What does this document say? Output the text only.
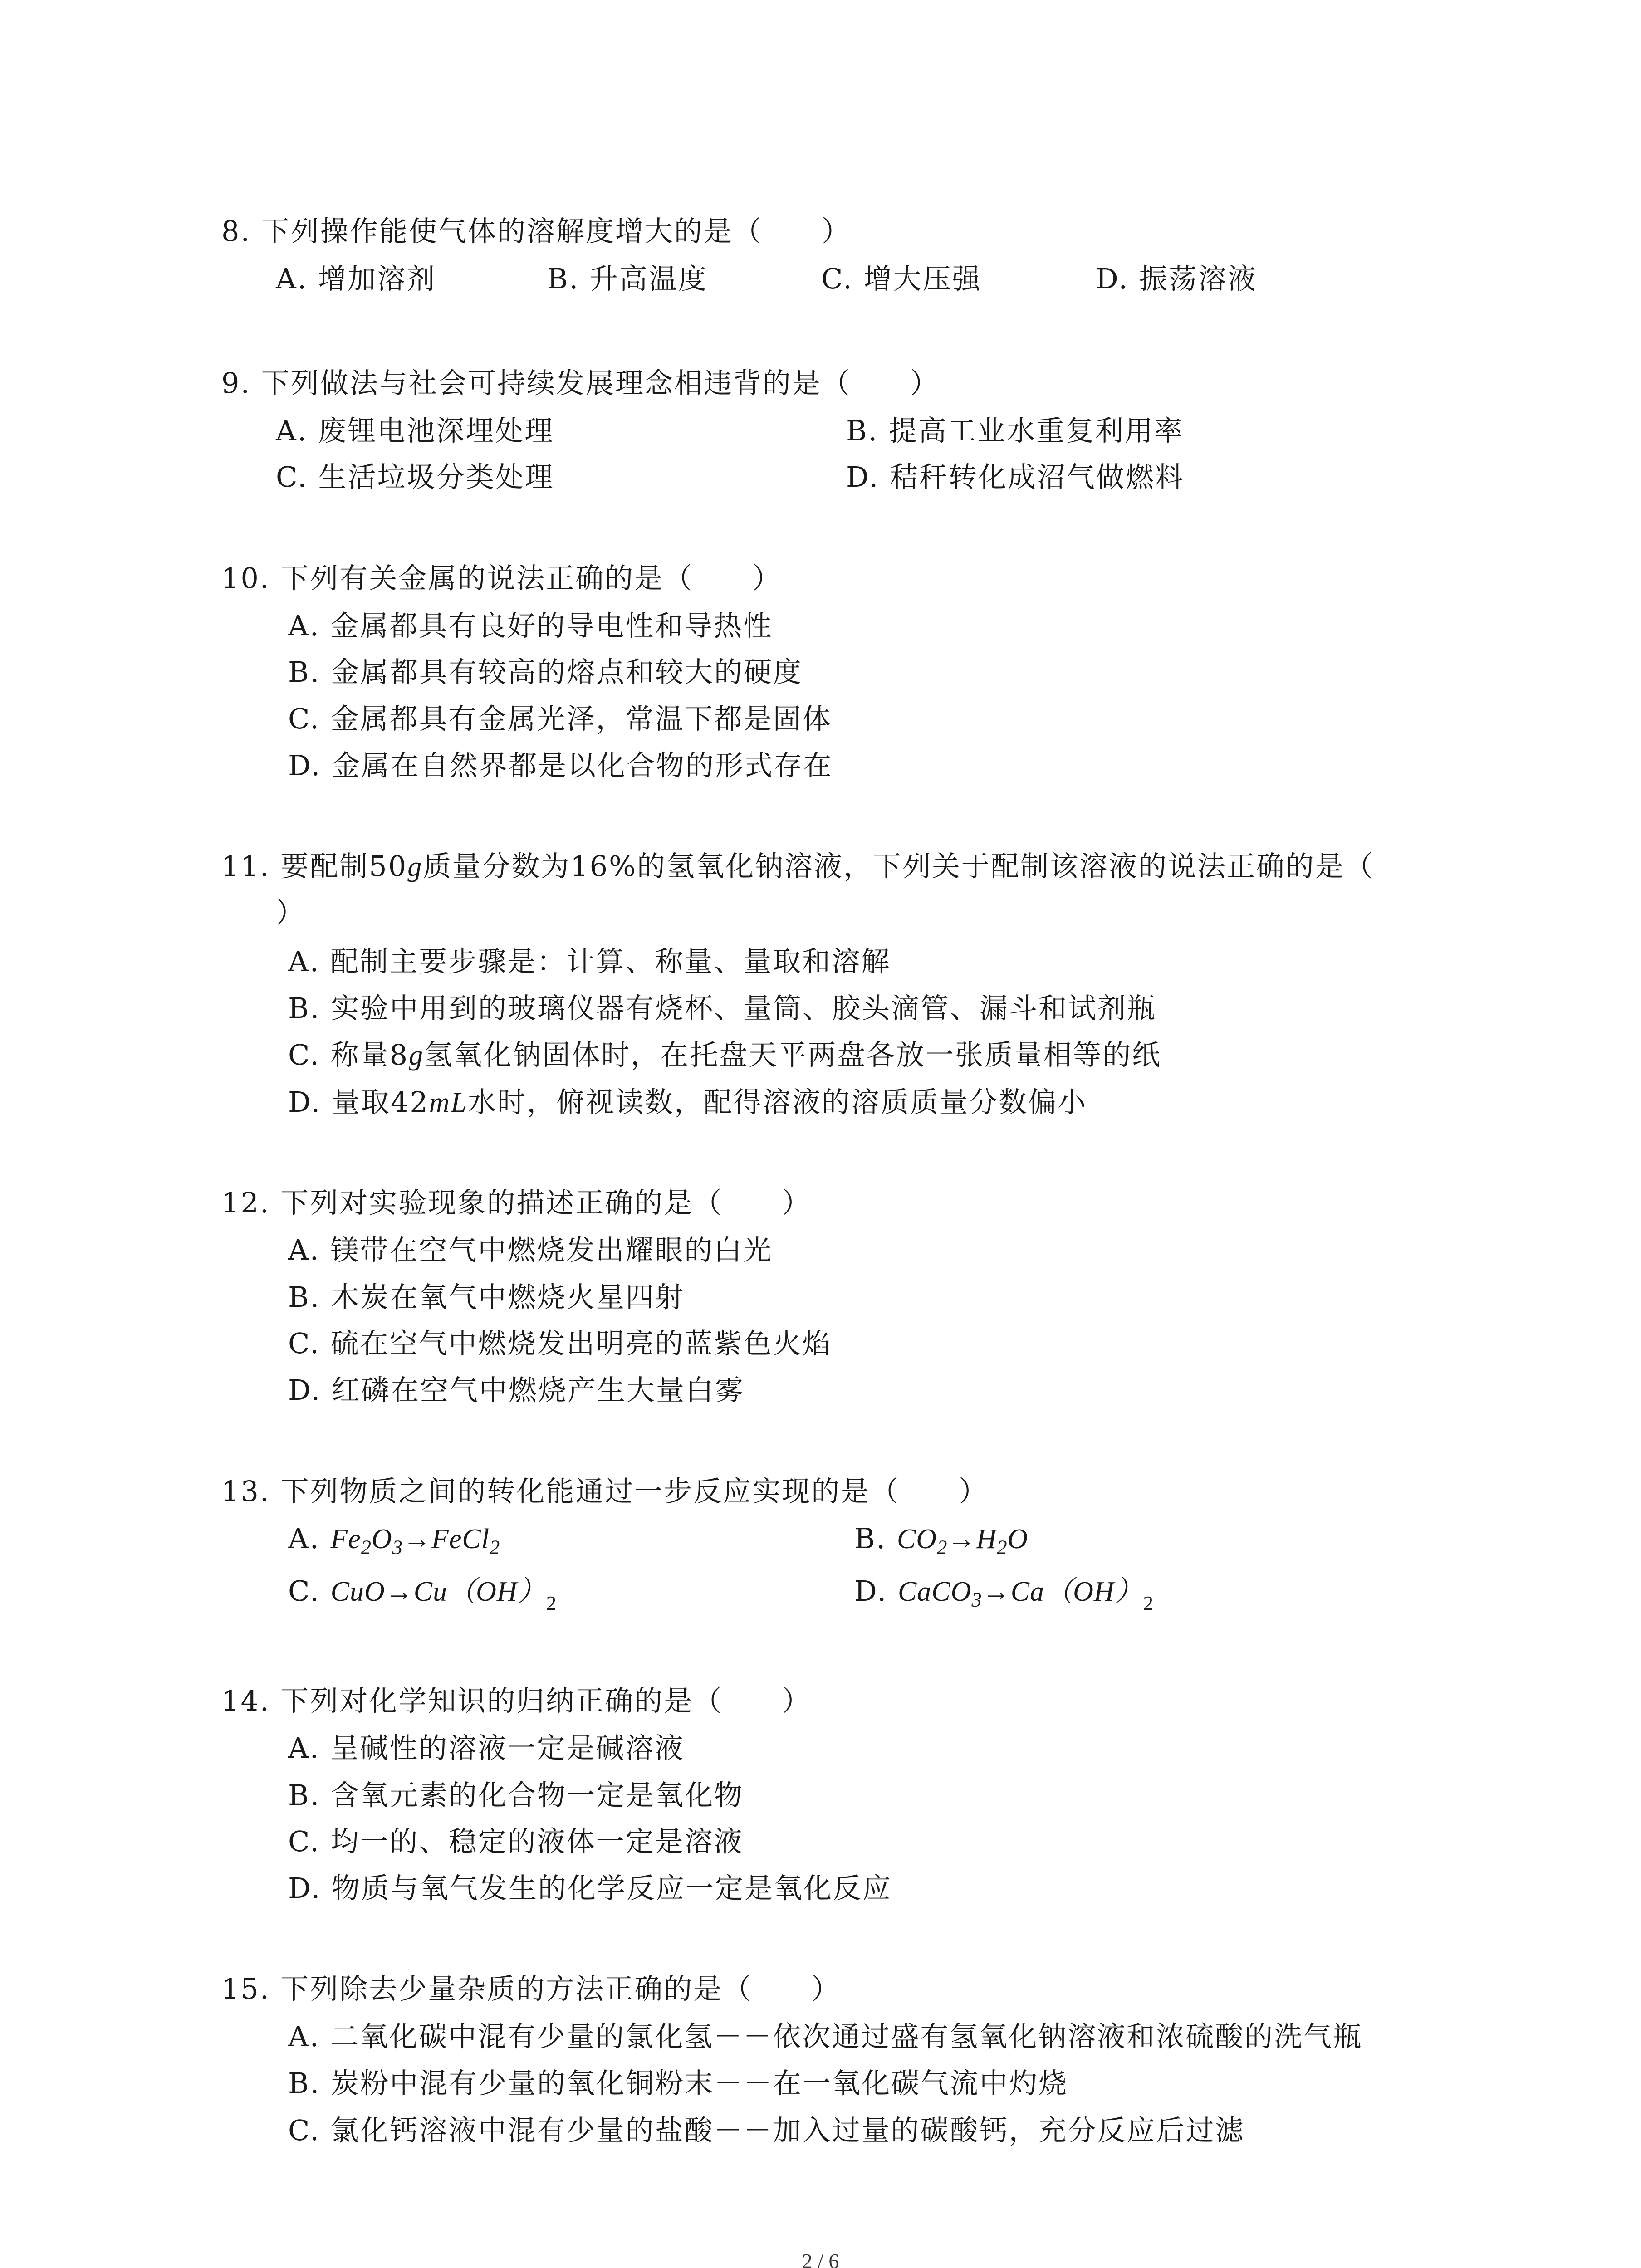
8. 下列操作能使气体的溶解度增大的是（　　）
A. 增加溶剂	B. 升高温度	C. 增大压强	D. 振荡溶液
9. 下列做法与社会可持续发展理念相违背的是（　　）
A. 废锂电池深埋处理	B. 提高工业水重复利用率
C. 生活垃圾分类处理	D. 秸秆转化成沼气做燃料
10. 下列有关金属的说法正确的是（　　）
A. 金属都具有良好的导电性和导热性
B. 金属都具有较高的熔点和较大的硬度
C. 金属都具有金属光泽，常温下都是固体
D. 金属在自然界都是以化合物的形式存在
11. 要配制50g质量分数为16%的氢氧化钠溶液，下列关于配制该溶液的说法正确的是（
）
A. 配制主要步骤是：计算、称量、量取和溶解
B. 实验中用到的玻璃仪器有烧杯、量筒、胶头滴管、漏斗和试剂瓶
C. 称量8g氢氧化钠固体时，在托盘天平两盘各放一张质量相等的纸
D. 量取42mL水时，俯视读数，配得溶液的溶质质量分数偏小
12. 下列对实验现象的描述正确的是（　　）
A. 镁带在空气中燃烧发出耀眼的白光
B. 木炭在氧气中燃烧火星四射
C. 硫在空气中燃烧发出明亮的蓝紫色火焰
D. 红磷在空气中燃烧产生大量白雾
13. 下列物质之间的转化能通过一步反应实现的是（　　）
A. $Fe_2O_3\to FeCl_2$	B. $CO_2\to H_2O$
C. $CuO\to Cu(OH)_2$	D. $CaCO_3\to Ca(OH)_2$
14. 下列对化学知识的归纳正确的是（　　）
A. 呈碱性的溶液一定是碱溶液
B. 含氧元素的化合物一定是氧化物
C. 均一的、稳定的液体一定是溶液
D. 物质与氧气发生的化学反应一定是氧化反应
15. 下列除去少量杂质的方法正确的是（　　）
A. 二氧化碳中混有少量的氯化氢－－依次通过盛有氢氧化钠溶液和浓硫酸的洗气瓶
B. 炭粉中混有少量的氧化铜粉末－－在一氧化碳气流中灼烧
C. 氯化钙溶液中混有少量的盐酸－－加入过量的碳酸钙，充分反应后过滤
2 / 6
